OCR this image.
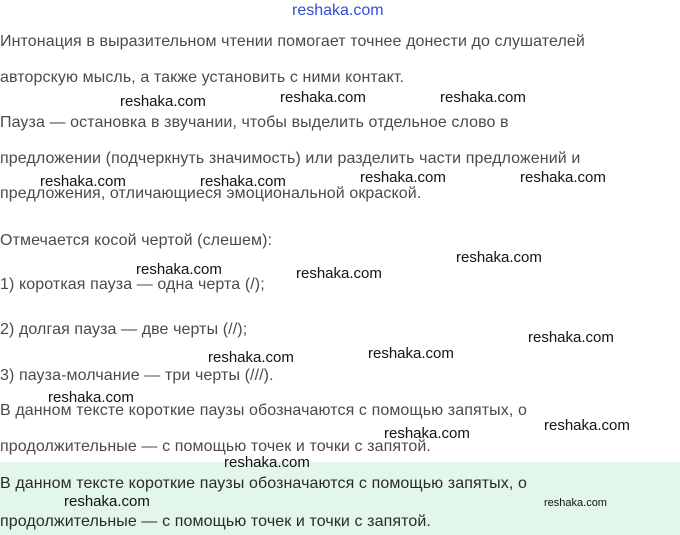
reshaka.com
Интонация в выразительном чтении помогает точнее донести до слушателей
авторскую мысль, а также установить с ними контакт.
Пауза — остановка в звучании, чтобы выделить отдельное слово в
предложении (подчеркнуть значимость) или разделить части предложений и
предложения, отличающиеся эмоциональной окраской.
Отмечается косой чертой (слешем):
1) короткая пауза — одна черта (/);
2) долгая пауза — две черты (//);
3) пауза-молчание — три черты (///).
В данном тексте короткие паузы обозначаются с помощью запятых, о
продолжительные — с помощью точек и точки с запятой.
В данном тексте короткие паузы обозначаются с помощью запятых, о
продолжительные — с помощью точек и точки с запятой.
reshaka.com	reshaka.com	reshaka.com
reshaka.com	reshaka.com	reshaka.com	reshaka.com
reshaka.com
reshaka.com	reshaka.com
reshaka.com
reshaka.com
reshaka.com
reshaka.com
reshaka.com
reshaka.com
reshaka.com
reshaka.com	reshaka.com
